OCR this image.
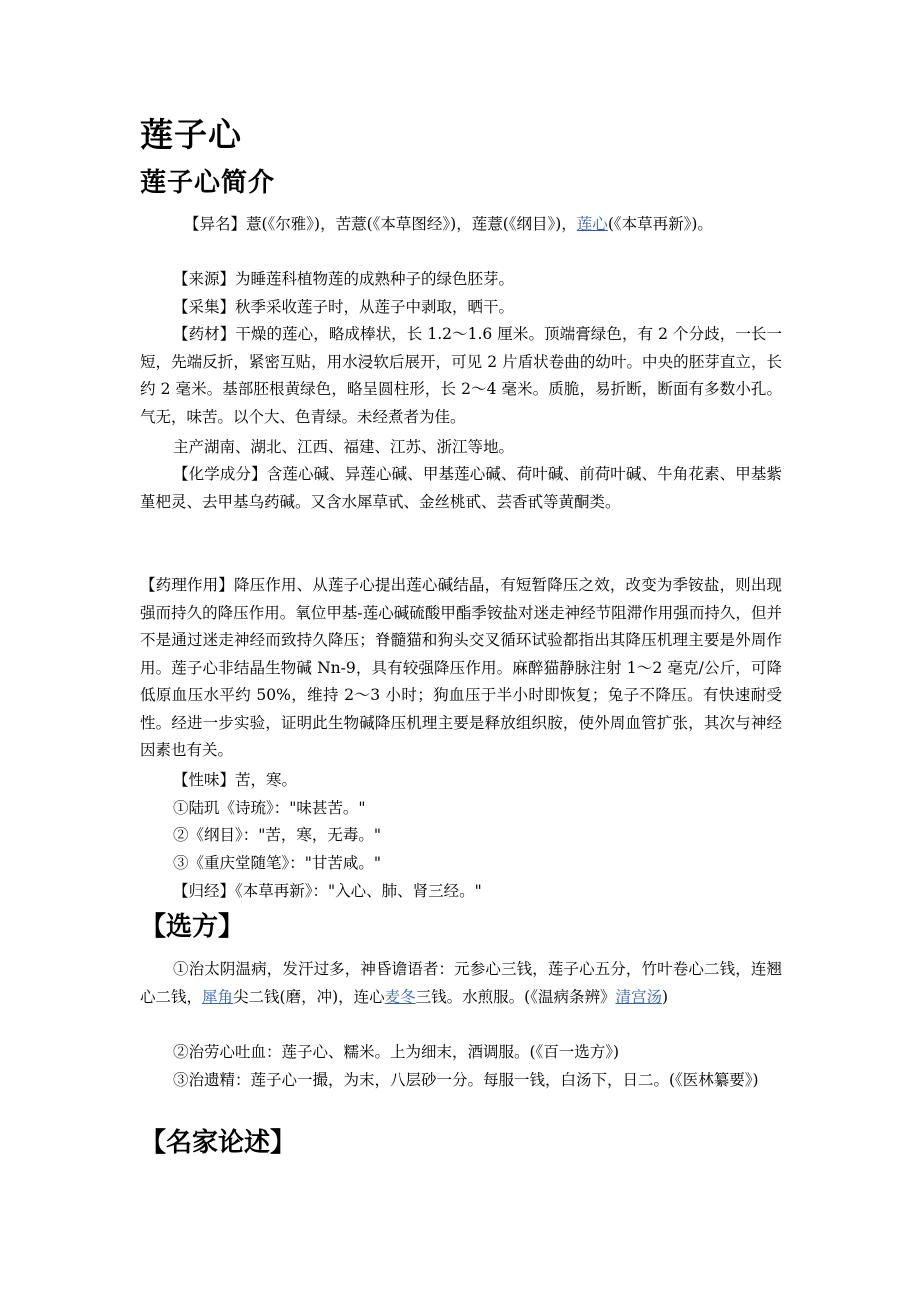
莲子心
莲子心简介

【异名】薏(《尔雅》)，苦薏(《本草图经》)，莲薏(《纲目》)，莲心(《本草再新》)。

【来源】为睡莲科植物莲的成熟种子的绿色胚芽。

【采集】秋季采收莲子时，从莲子中剥取，晒干。

【药材】干燥的莲心，略成棒状，长 1.2～1.6 厘米。顶端膏绿色，有 2 个分歧，一长一短，先端反折，紧密互贴，用水浸软后展开，可见 2 片盾状卷曲的幼叶。中央的胚芽直立，长约 2 毫米。基部胚根黄绿色，略呈圆柱形，长 2～4 毫米。质脆，易折断，断面有多数小孔。气无，味苦。以个大、色青绿。未经煮者为佳。

主产湖南、湖北、江西、福建、江苏、浙江等地。

【化学成分】含莲心碱、异莲心碱、甲基莲心碱、荷叶碱、前荷叶碱、牛角花素、甲基紫堇杷灵、去甲基乌药碱。又含水犀草甙、金丝桃甙、芸香甙等黄酮类。

【药理作用】降压作用、从莲子心提出莲心碱结晶，有短暂降压之效，改变为季铵盐，则出现强而持久的降压作用。氧位甲基-莲心碱硫酸甲酯季铵盐对迷走神经节阻滞作用强而持久，但并不是通过迷走神经而致持久降压；脊髓猫和狗头交叉循环试验都指出其降压机理主要是外周作用。莲子心非结晶生物碱 Nn-9，具有较强降压作用。麻醉猫静脉注射 1～2 毫克/公斤，可降低原血压水平约 50%，维持 2～3 小时；狗血压于半小时即恢复；兔子不降压。有快速耐受性。经进一步实验，证明此生物碱降压机理主要是释放组织胺，使外周血管扩张，其次与神经因素也有关。

【性味】苦，寒。

①陆玑《诗琉》："味甚苦。"

②《纲目》："苦，寒，无毒。"

③《重庆堂随笔》："甘苦咸。"

【归经】《本草再新》："入心、肺、肾三经。"

【选方】

①治太阴温病，发汗过多，神昏谵语者：元参心三钱，莲子心五分，竹叶卷心二钱，连翘心二钱，犀角尖二钱(磨，冲)，连心麦冬三钱。水煎服。(《温病条辨》清宫汤)

②治劳心吐血：莲子心、糯米。上为细末，酒调服。(《百一选方》)

③治遗精：莲子心一撮，为末，八层砂一分。每服一钱，白汤下，日二。(《医林纂要》)

【名家论述】
